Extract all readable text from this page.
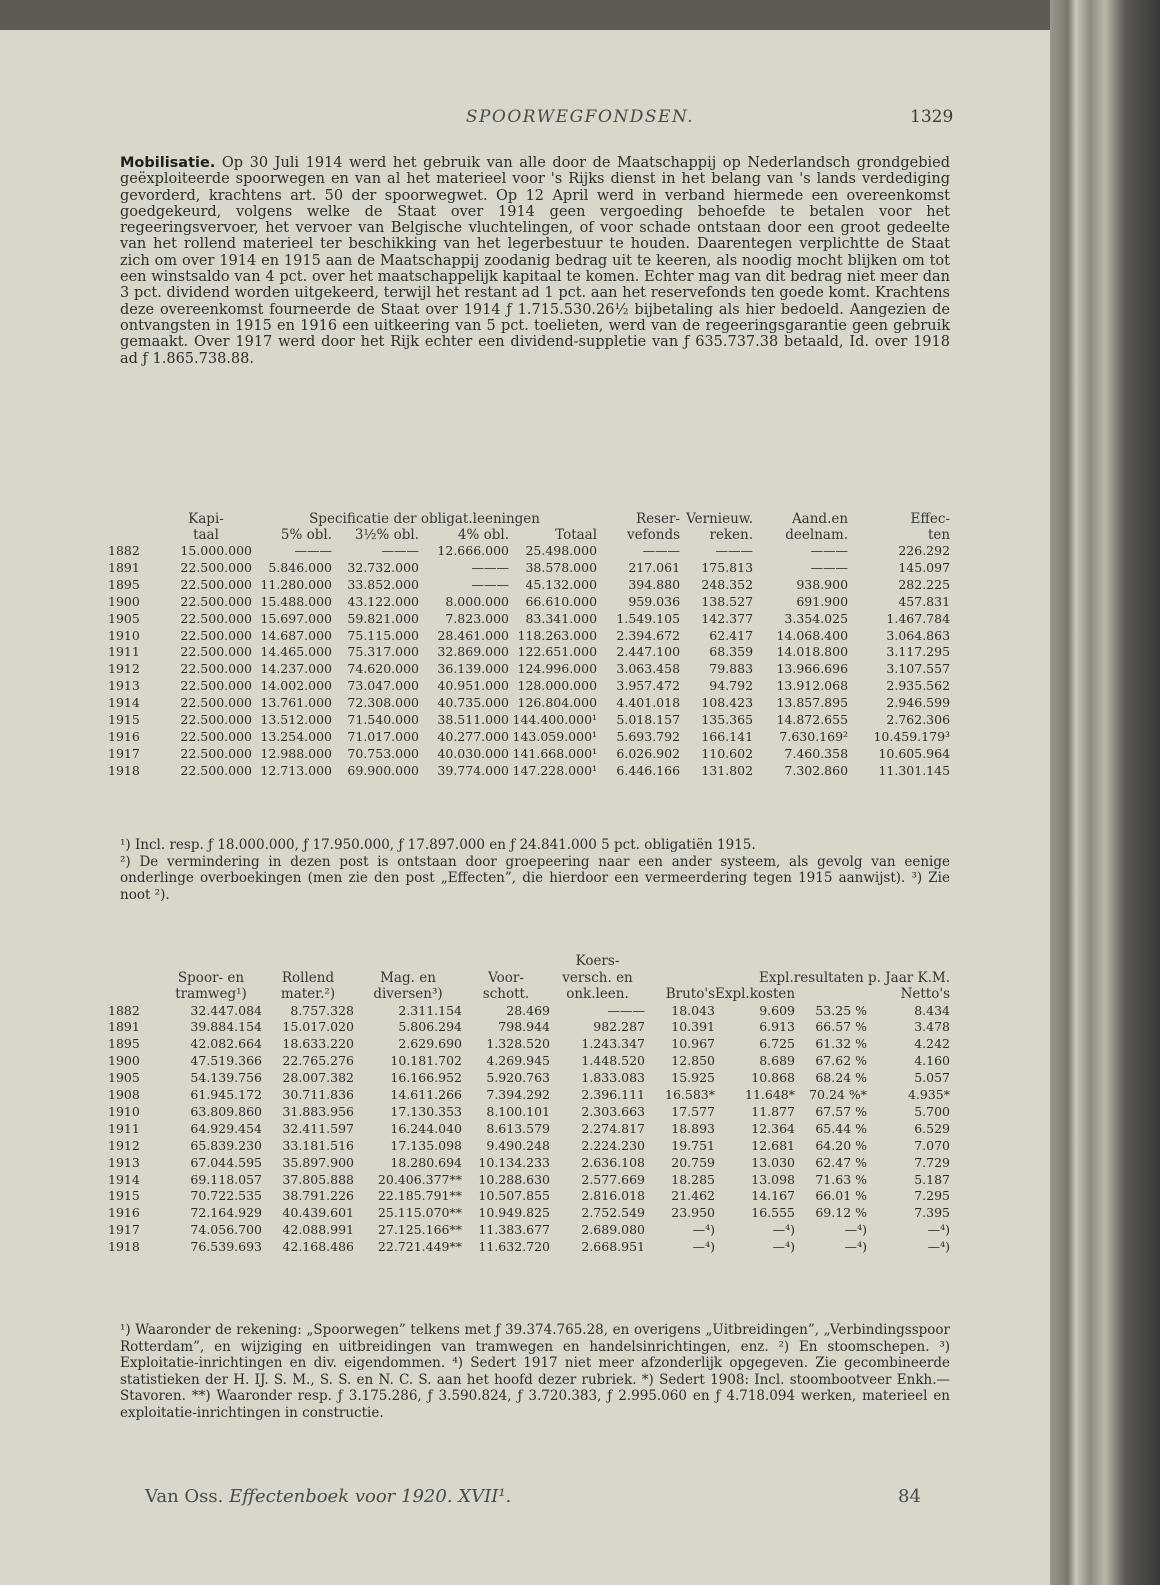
SPOORWEGFONDSEN.	1329
Mobilisatie. Op 30 Juli 1914 werd het gebruik van alle door de Maatschappij op Nederlandsch grondgebied geëxploiteerde spoorwegen en van al het materieel voor 's Rijks dienst in het belang van 's lands verdediging gevorderd, krachtens art. 50 der spoorwegwet. Op 12 April werd in verband hiermede een overeenkomst goedgekeurd, volgens welke de Staat over 1914 geen vergoeding behoefde te betalen voor het regeeringsvervoer, het vervoer van Belgische vluchtelingen, of voor schade ontstaan door een groot gedeelte van het rollend materieel ter beschikking van het legerbestuur te houden. Daarentegen verplichtte de Staat zich om over 1914 en 1915 aan de Maatschappij zoodanig bedrag uit te keeren, als noodig mocht blijken om tot een winstsaldo van 4 pct. over het maatschappelijk kapitaal te komen. Echter mag van dit bedrag niet meer dan 3 pct. dividend worden uitgekeerd, terwijl het restant ad 1 pct. aan het reservefonds ten goede komt. Krachtens deze overeenkomst fourneerde de Staat over 1914 ƒ 1.715.530.26½ bijbetaling als hier bedoeld. Aangezien de ontvangsten in 1915 en 1916 een uitkeering van 5 pct. toelieten, werd van de regeeringsgarantie geen gebruik gemaakt. Over 1917 werd door het Rijk echter een dividend-suppletie van ƒ 635.737.38 betaald, Id. over 1918 ad ƒ 1.865.738.88.
	Kapi-	Specificatie der obligat.leeningen				Reser-	Vernieuw.	Aand.en	Effec-
	taal	5% obl.	3½% obl.	4% obl.	Totaal	vefonds	reken.	deelnam.	ten
1882	15.000.000	———	———	12.666.000	25.498.000	———	———	———	226.292
1891	22.500.000	5.846.000	32.732.000	———	38.578.000	217.061	175.813	———	145.097
1895	22.500.000	11.280.000	33.852.000	———	45.132.000	394.880	248.352	938.900	282.225
1900	22.500.000	15.488.000	43.122.000	8.000.000	66.610.000	959.036	138.527	691.900	457.831
1905	22.500.000	15.697.000	59.821.000	7.823.000	83.341.000	1.549.105	142.377	3.354.025	1.467.784
1910	22.500.000	14.687.000	75.115.000	28.461.000	118.263.000	2.394.672	62.417	14.068.400	3.064.863
1911	22.500.000	14.465.000	75.317.000	32.869.000	122.651.000	2.447.100	68.359	14.018.800	3.117.295
1912	22.500.000	14.237.000	74.620.000	36.139.000	124.996.000	3.063.458	79.883	13.966.696	3.107.557
1913	22.500.000	14.002.000	73.047.000	40.951.000	128.000.000	3.957.472	94.792	13.912.068	2.935.562
1914	22.500.000	13.761.000	72.308.000	40.735.000	126.804.000	4.401.018	108.423	13.857.895	2.946.599
1915	22.500.000	13.512.000	71.540.000	38.511.000	144.400.000¹	5.018.157	135.365	14.872.655	2.762.306
1916	22.500.000	13.254.000	71.017.000	40.277.000	143.059.000¹	5.693.792	166.141	7.630.169²	10.459.179³
1917	22.500.000	12.988.000	70.753.000	40.030.000	141.668.000¹	6.026.902	110.602	7.460.358	10.605.964
1918	22.500.000	12.713.000	69.900.000	39.774.000	147.228.000¹	6.446.166	131.802	7.302.860	11.301.145
¹) Incl. resp. ƒ 18.000.000, ƒ 17.950.000, ƒ 17.897.000 en ƒ 24.841.000 5 pct. obligatiën 1915.
²) De vermindering in dezen post is ontstaan door groepeering naar een ander systeem, als gevolg van eenige onderlinge overboekingen (men zie den post „Effecten”, die hierdoor een vermeerdering tegen 1915 aanwijst). ³) Zie noot ²).
					Koers-				
	Spoor- en	Rollend	Mag. en	Voor-	versch. en	Expl.resultaten p. Jaar K.M.			
	tramweg¹)	mater.²)	diversen³)	schott.	onk.leen.	Bruto's	Expl.kosten		Netto's
1882	32.447.084	8.757.328	2.311.154	28.469	———	18.043	9.609	53.25 %	8.434
1891	39.884.154	15.017.020	5.806.294	798.944	982.287	10.391	6.913	66.57 %	3.478
1895	42.082.664	18.633.220	2.629.690	1.328.520	1.243.347	10.967	6.725	61.32 %	4.242
1900	47.519.366	22.765.276	10.181.702	4.269.945	1.448.520	12.850	8.689	67.62 %	4.160
1905	54.139.756	28.007.382	16.166.952	5.920.763	1.833.083	15.925	10.868	68.24 %	5.057
1908	61.945.172	30.711.836	14.611.266	7.394.292	2.396.111	16.583*	11.648*	70.24 %*	4.935*
1910	63.809.860	31.883.956	17.130.353	8.100.101	2.303.663	17.577	11.877	67.57 %	5.700
1911	64.929.454	32.411.597	16.244.040	8.613.579	2.274.817	18.893	12.364	65.44 %	6.529
1912	65.839.230	33.181.516	17.135.098	9.490.248	2.224.230	19.751	12.681	64.20 %	7.070
1913	67.044.595	35.897.900	18.280.694	10.134.233	2.636.108	20.759	13.030	62.47 %	7.729
1914	69.118.057	37.805.888	20.406.377**	10.288.630	2.577.669	18.285	13.098	71.63 %	5.187
1915	70.722.535	38.791.226	22.185.791**	10.507.855	2.816.018	21.462	14.167	66.01 %	7.295
1916	72.164.929	40.439.601	25.115.070**	10.949.825	2.752.549	23.950	16.555	69.12 %	7.395
1917	74.056.700	42.088.991	27.125.166**	11.383.677	2.689.080	—⁴)	—⁴)	—⁴)	—⁴)
1918	76.539.693	42.168.486	22.721.449**	11.632.720	2.668.951	—⁴)	—⁴)	—⁴)	—⁴)
¹) Waaronder de rekening: „Spoorwegen” telkens met ƒ 39.374.765.28, en overigens „Uitbreidingen”, „Verbindingsspoor Rotterdam”, en wijziging en uitbreidingen van tramwegen en handelsinrichtingen, enz. ²) En stoomschepen. ³) Exploitatie-inrichtingen en div. eigendommen. ⁴) Sedert 1917 niet meer afzonderlijk opgegeven. Zie gecombineerde statistieken der H. IJ. S. M., S. S. en N. C. S. aan het hoofd dezer rubriek. *) Sedert 1908: Incl. stoombootveer Enkh.—Stavoren. **) Waaronder resp. ƒ 3.175.286, ƒ 3.590.824, ƒ 3.720.383, ƒ 2.995.060 en ƒ 4.718.094 werken, materieel en exploitatie-inrichtingen in constructie.
Van Oss. Effectenboek voor 1920. XVII¹.	84
